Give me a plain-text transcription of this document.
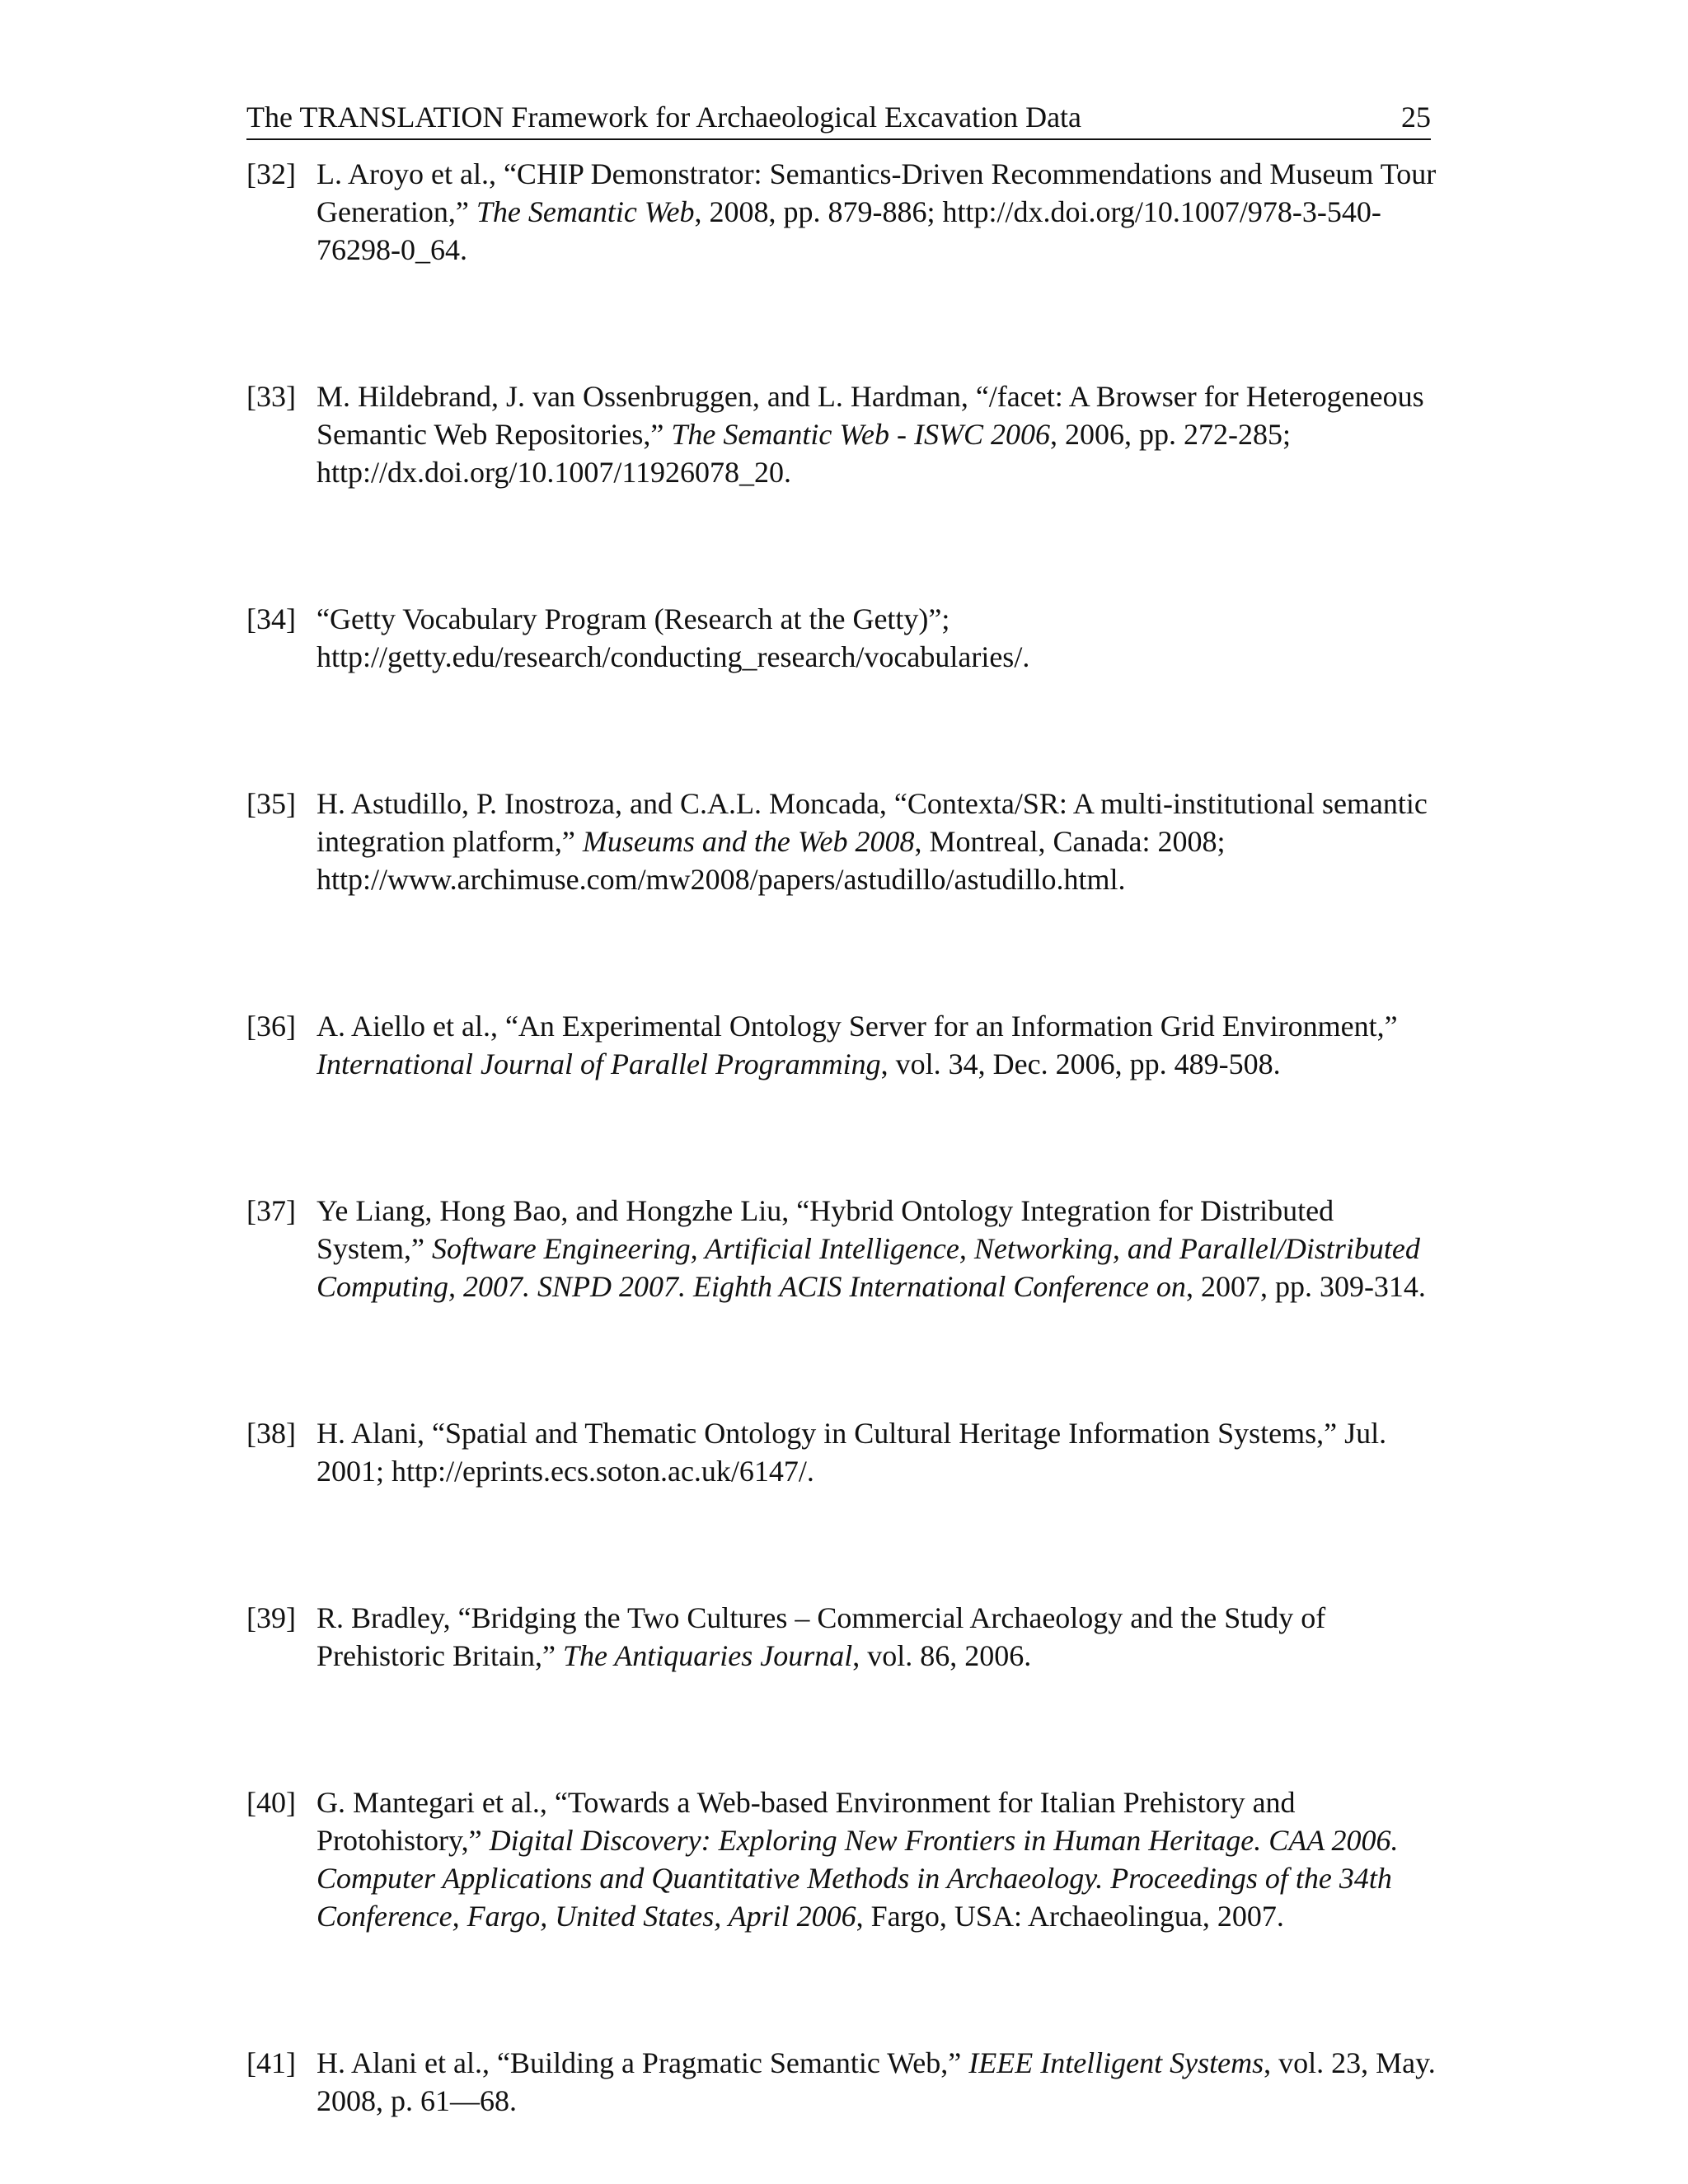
The TRANSLATION Framework for Archaeological Excavation Data	25
[32] L. Aroyo et al., “CHIP Demonstrator: Semantics-Driven Recommendations and Museum Tour Generation,” The Semantic Web, 2008, pp. 879-886; http://dx.doi.org/10.1007/978-3-540-76298-0_64.
[33] M. Hildebrand, J. van Ossenbruggen, and L. Hardman, “/facet: A Browser for Heterogeneous Semantic Web Repositories,” The Semantic Web - ISWC 2006, 2006, pp. 272-285; http://dx.doi.org/10.1007/11926078_20.
[34] “Getty Vocabulary Program (Research at the Getty)”; http://getty.edu/research/conducting_research/vocabularies/.
[35] H. Astudillo, P. Inostroza, and C.A.L. Moncada, “Contexta/SR: A multi-institutional semantic integration platform,” Museums and the Web 2008, Montreal, Canada: 2008; http://www.archimuse.com/mw2008/papers/astudillo/astudillo.html.
[36] A. Aiello et al., “An Experimental Ontology Server for an Information Grid Environment,” International Journal of Parallel Programming, vol. 34, Dec. 2006, pp. 489-508.
[37] Ye Liang, Hong Bao, and Hongzhe Liu, “Hybrid Ontology Integration for Distributed System,” Software Engineering, Artificial Intelligence, Networking, and Parallel/Distributed Computing, 2007. SNPD 2007. Eighth ACIS International Conference on, 2007, pp. 309-314.
[38] H. Alani, “Spatial and Thematic Ontology in Cultural Heritage Information Systems,” Jul. 2001; http://eprints.ecs.soton.ac.uk/6147/.
[39] R. Bradley, “Bridging the Two Cultures – Commercial Archaeology and the Study of Prehistoric Britain,” The Antiquaries Journal, vol. 86, 2006.
[40] G. Mantegari et al., “Towards a Web-based Environment for Italian Prehistory and Protohistory,” Digital Discovery: Exploring New Frontiers in Human Heritage. CAA 2006. Computer Applications and Quantitative Methods in Archaeology. Proceedings of the 34th Conference, Fargo, United States, April 2006, Fargo, USA: Archaeolingua, 2007.
[41] H. Alani et al., “Building a Pragmatic Semantic Web,” IEEE Intelligent Systems, vol. 23, May. 2008, p. 61—68.
